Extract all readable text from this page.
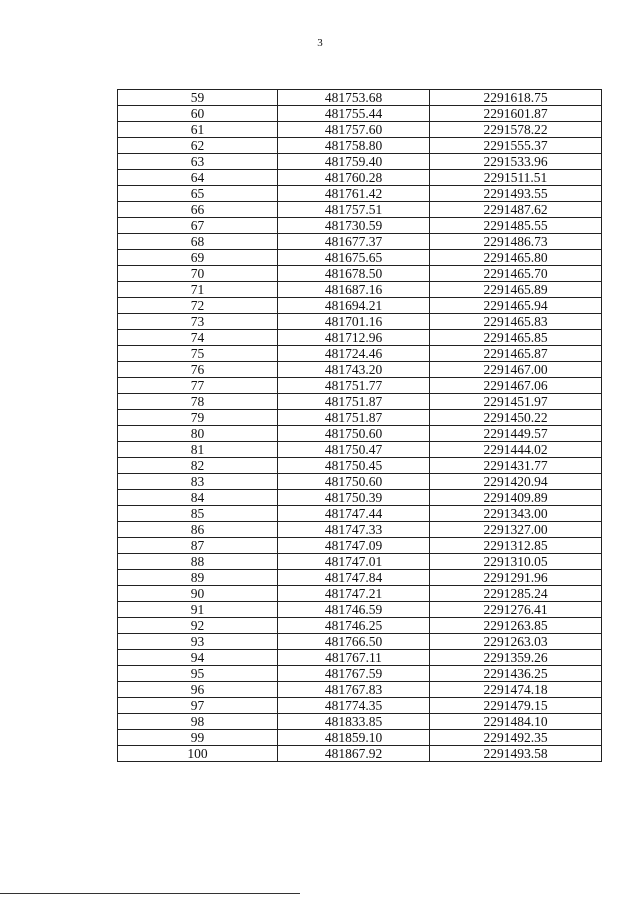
3
59	481753.68	2291618.75
60	481755.44	2291601.87
61	481757.60	2291578.22
62	481758.80	2291555.37
63	481759.40	2291533.96
64	481760.28	2291511.51
65	481761.42	2291493.55
66	481757.51	2291487.62
67	481730.59	2291485.55
68	481677.37	2291486.73
69	481675.65	2291465.80
70	481678.50	2291465.70
71	481687.16	2291465.89
72	481694.21	2291465.94
73	481701.16	2291465.83
74	481712.96	2291465.85
75	481724.46	2291465.87
76	481743.20	2291467.00
77	481751.77	2291467.06
78	481751.87	2291451.97
79	481751.87	2291450.22
80	481750.60	2291449.57
81	481750.47	2291444.02
82	481750.45	2291431.77
83	481750.60	2291420.94
84	481750.39	2291409.89
85	481747.44	2291343.00
86	481747.33	2291327.00
87	481747.09	2291312.85
88	481747.01	2291310.05
89	481747.84	2291291.96
90	481747.21	2291285.24
91	481746.59	2291276.41
92	481746.25	2291263.85
93	481766.50	2291263.03
94	481767.11	2291359.26
95	481767.59	2291436.25
96	481767.83	2291474.18
97	481774.35	2291479.15
98	481833.85	2291484.10
99	481859.10	2291492.35
100	481867.92	2291493.58
